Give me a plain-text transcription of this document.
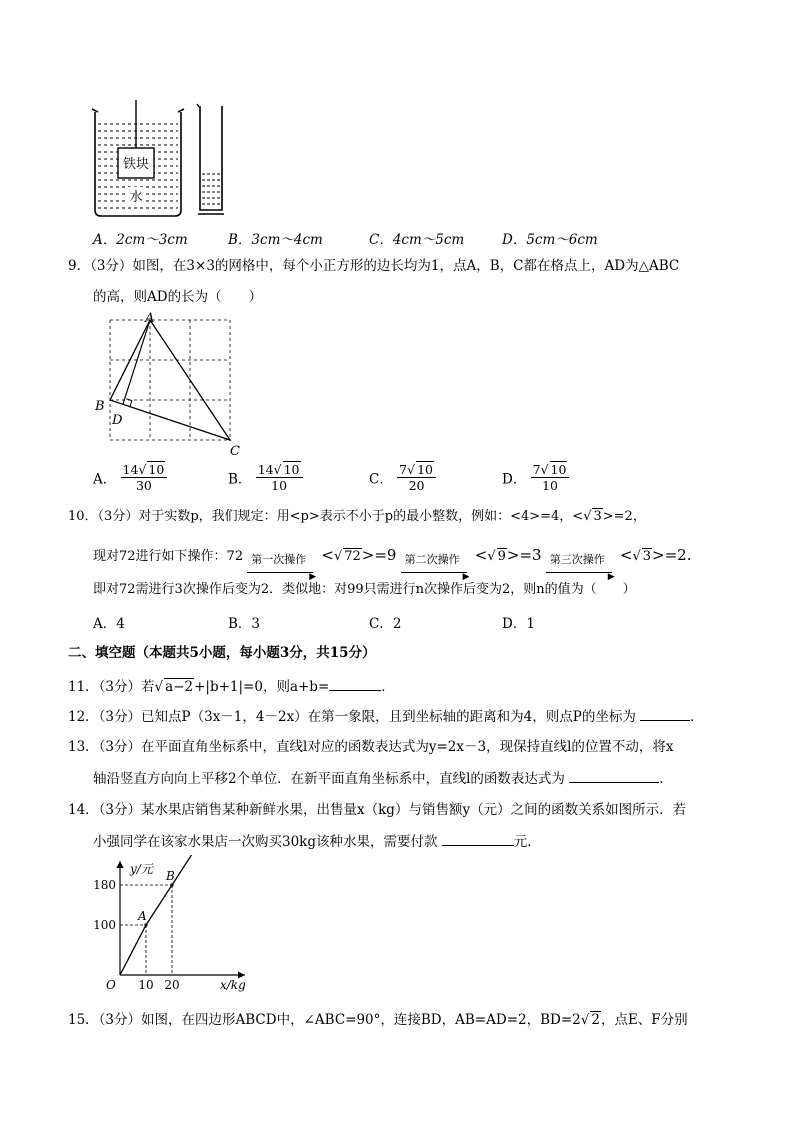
铁块
水
A．2cm～3cm	B．3cm～4cm	C．4cm～5cm	D．5cm～6cm
9．（3分）如图，在3×3的网格中，每个小正方形的边长均为1，点A，B，C都在格点上，AD为△ABC
的高，则AD的长为（　　）
A
B
C
D
A． $\frac{14√ 10}{30}$	B． $\frac{14√ 10}{10}$	C． $\frac{7√ 10}{20}$	D． $\frac{7√ 10}{10}$
10．（3分）对于实数p，我们规定：用<p>表示不小于p的最小整数，例如：<4>=4，<√ 3>=2，
现对72进行如下操作：72 第一次操作
▶
<√ 72>=9 第二次操作
▶
<√ 9>=3 第三次操作
▶
<√ 3>=2.
即对72需进行3次操作后变为2．类似地：对99只需进行n次操作后变为2，则n的值为（　　）
A．4	B．3	C．2	D．1
二、填空题（本题共5小题，每小题3分，共15分）
11．（3分）若√ a−2+|b+1|=0，则a+b=	．
12．（3分）已知点P（3x－1，4－2x）在第一象限，且到坐标轴的距离和为4，则点P的坐标为	．
13．（3分）在平面直角坐标系中，直线l对应的函数表达式为y=2x－3，现保持直线l的位置不动，将x
轴沿竖直方向向上平移2个单位．在新平面直角坐标系中，直线l的函数表达式为	．
14．（3分）某水果店销售某种新鲜水果，出售量x（kg）与销售额y（元）之间的函数关系如图所示．若
小强同学在该家水果店一次购买30kg该种水果，需要付款	元．
y/元
x/kg
O
A
B
10 20
100
180
15．（3分）如图，在四边形ABCD中，∠ABC=90°，连接BD，AB=AD=2，BD=2√ 2，点E、F分别
